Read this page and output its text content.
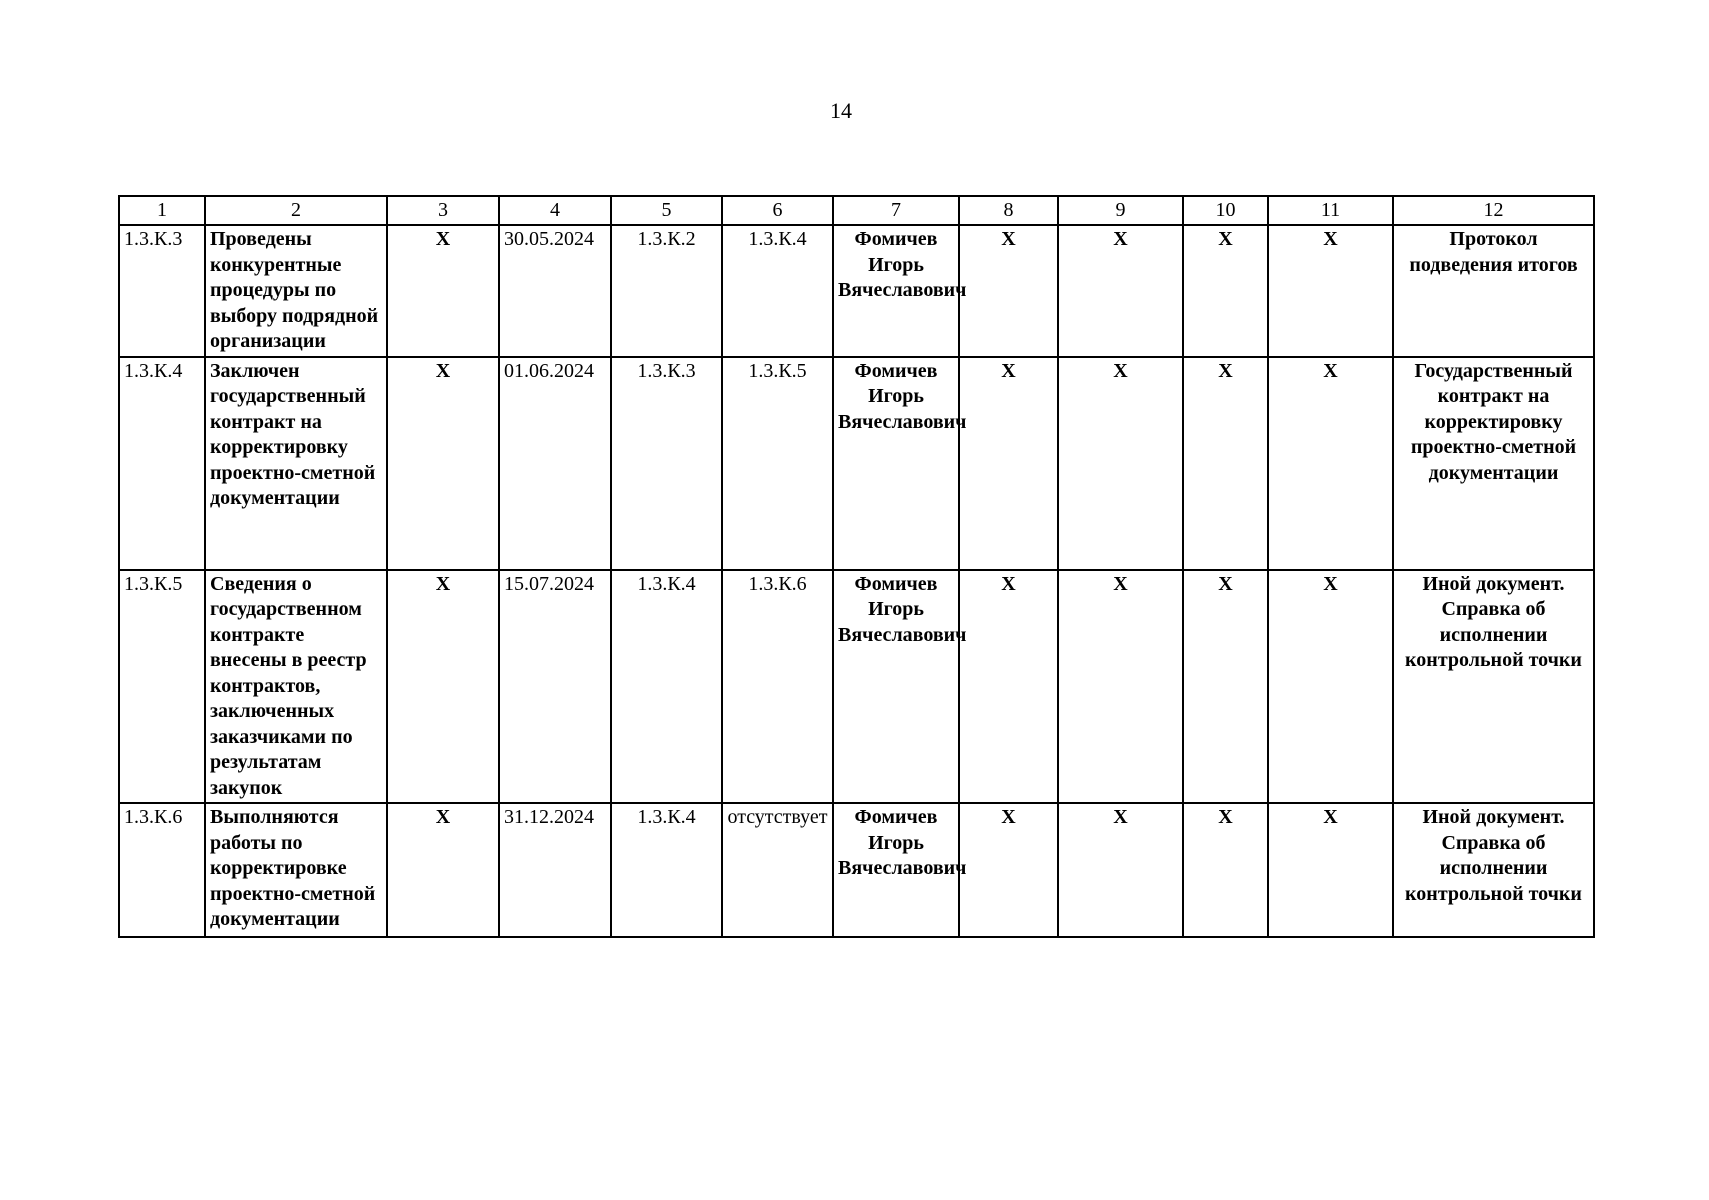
14
1	2	3	4	5	6	7	8	9	10	11	12
1.3.К.3	Проведены конкурентные процедуры по выбору подрядной организации	X	30.05.2024	1.3.К.2	1.3.К.4	Фомичев Игорь Вячеславович	X	X	X	X	Протокол подведения итогов
1.3.К.4	Заключен государственный контракт на корректировку проектно-сметной документации	X	01.06.2024	1.3.К.3	1.3.К.5	Фомичев Игорь Вячеславович	X	X	X	X	Государственный контракт на корректировку проектно-сметной документации
1.3.К.5	Сведения о государственном контракте внесены в реестр контрактов, заключенных заказчиками по результатам закупок	X	15.07.2024	1.3.К.4	1.3.К.6	Фомичев Игорь Вячеславович	X	X	X	X	Иной документ. Справка об исполнении контрольной точки
1.3.К.6	Выполняются работы по корректировке проектно-сметной документации	X	31.12.2024	1.3.К.4	отсутствует	Фомичев Игорь Вячеславович	X	X	X	X	Иной документ. Справка об исполнении контрольной точки
